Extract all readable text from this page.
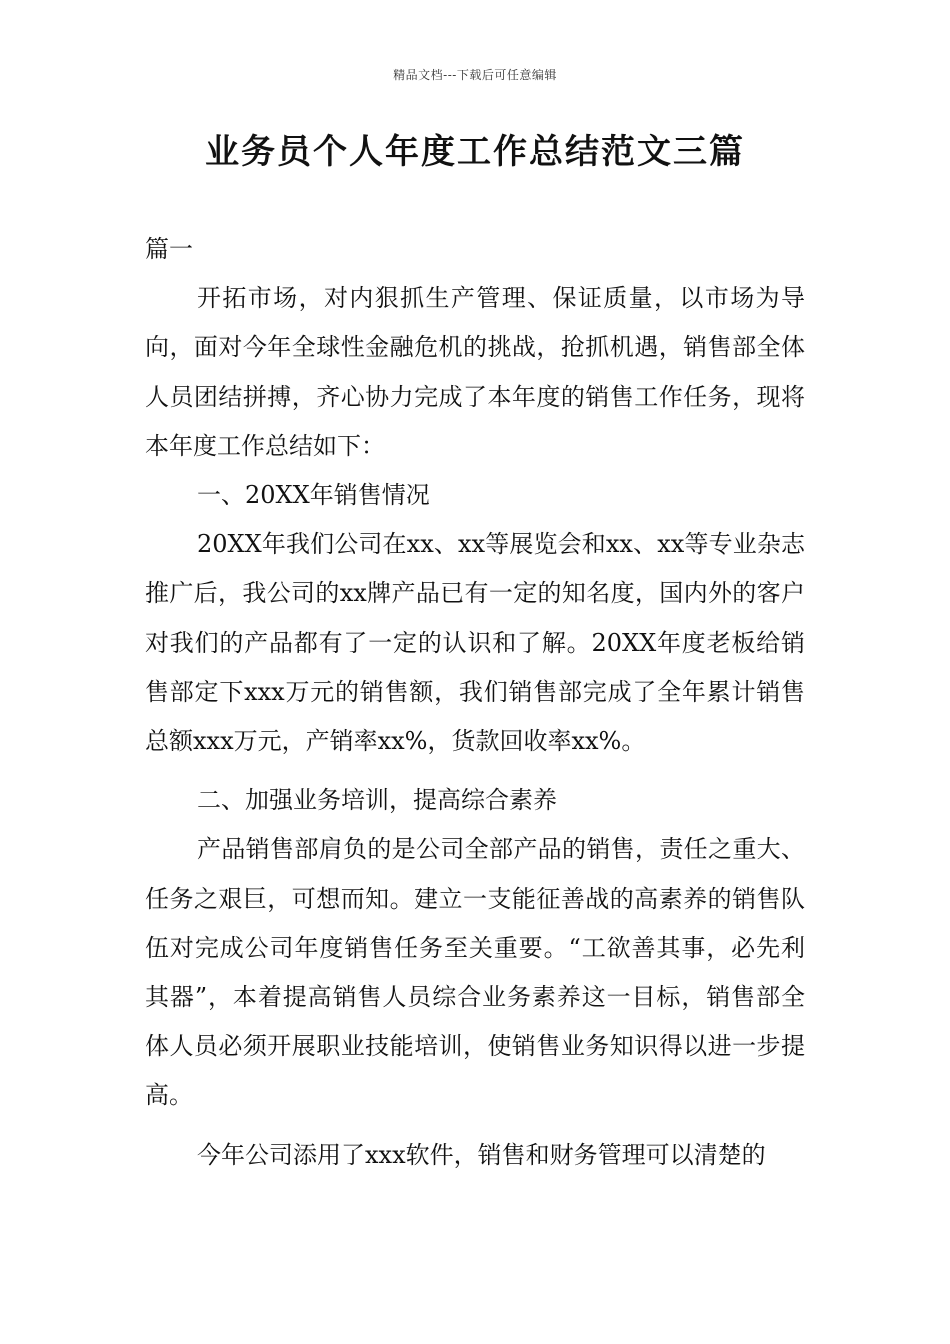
精品文档---下载后可任意编辑
业务员个人年度工作总结范文三篇

篇一

开拓市场，对内狠抓生产管理、保证质量，以市场为导向，面对今年全球性金融危机的挑战，抢抓机遇，销售部全体人员团结拼搏，齐心协力完成了本年度的销售工作任务，现将本年度工作总结如下：

一、20XX年销售情况

20XX年我们公司在xx、xx等展览会和xx、xx等专业杂志推广后，我公司的xx牌产品已有一定的知名度，国内外的客户对我们的产品都有了一定的认识和了解。20XX年度老板给销售部定下xxx万元的销售额，我们销售部完成了全年累计销售总额xxx万元，产销率xx%，货款回收率xx%。

二、加强业务培训，提高综合素养

产品销售部肩负的是公司全部产品的销售，责任之重大、任务之艰巨，可想而知。建立一支能征善战的高素养的销售队伍对完成公司年度销售任务至关重要。“工欲善其事，必先利其器”，本着提高销售人员综合业务素养这一目标，销售部全体人员必须开展职业技能培训，使销售业务知识得以进一步提高。

今年公司添用了xxx软件，销售和财务管理可以清楚的
